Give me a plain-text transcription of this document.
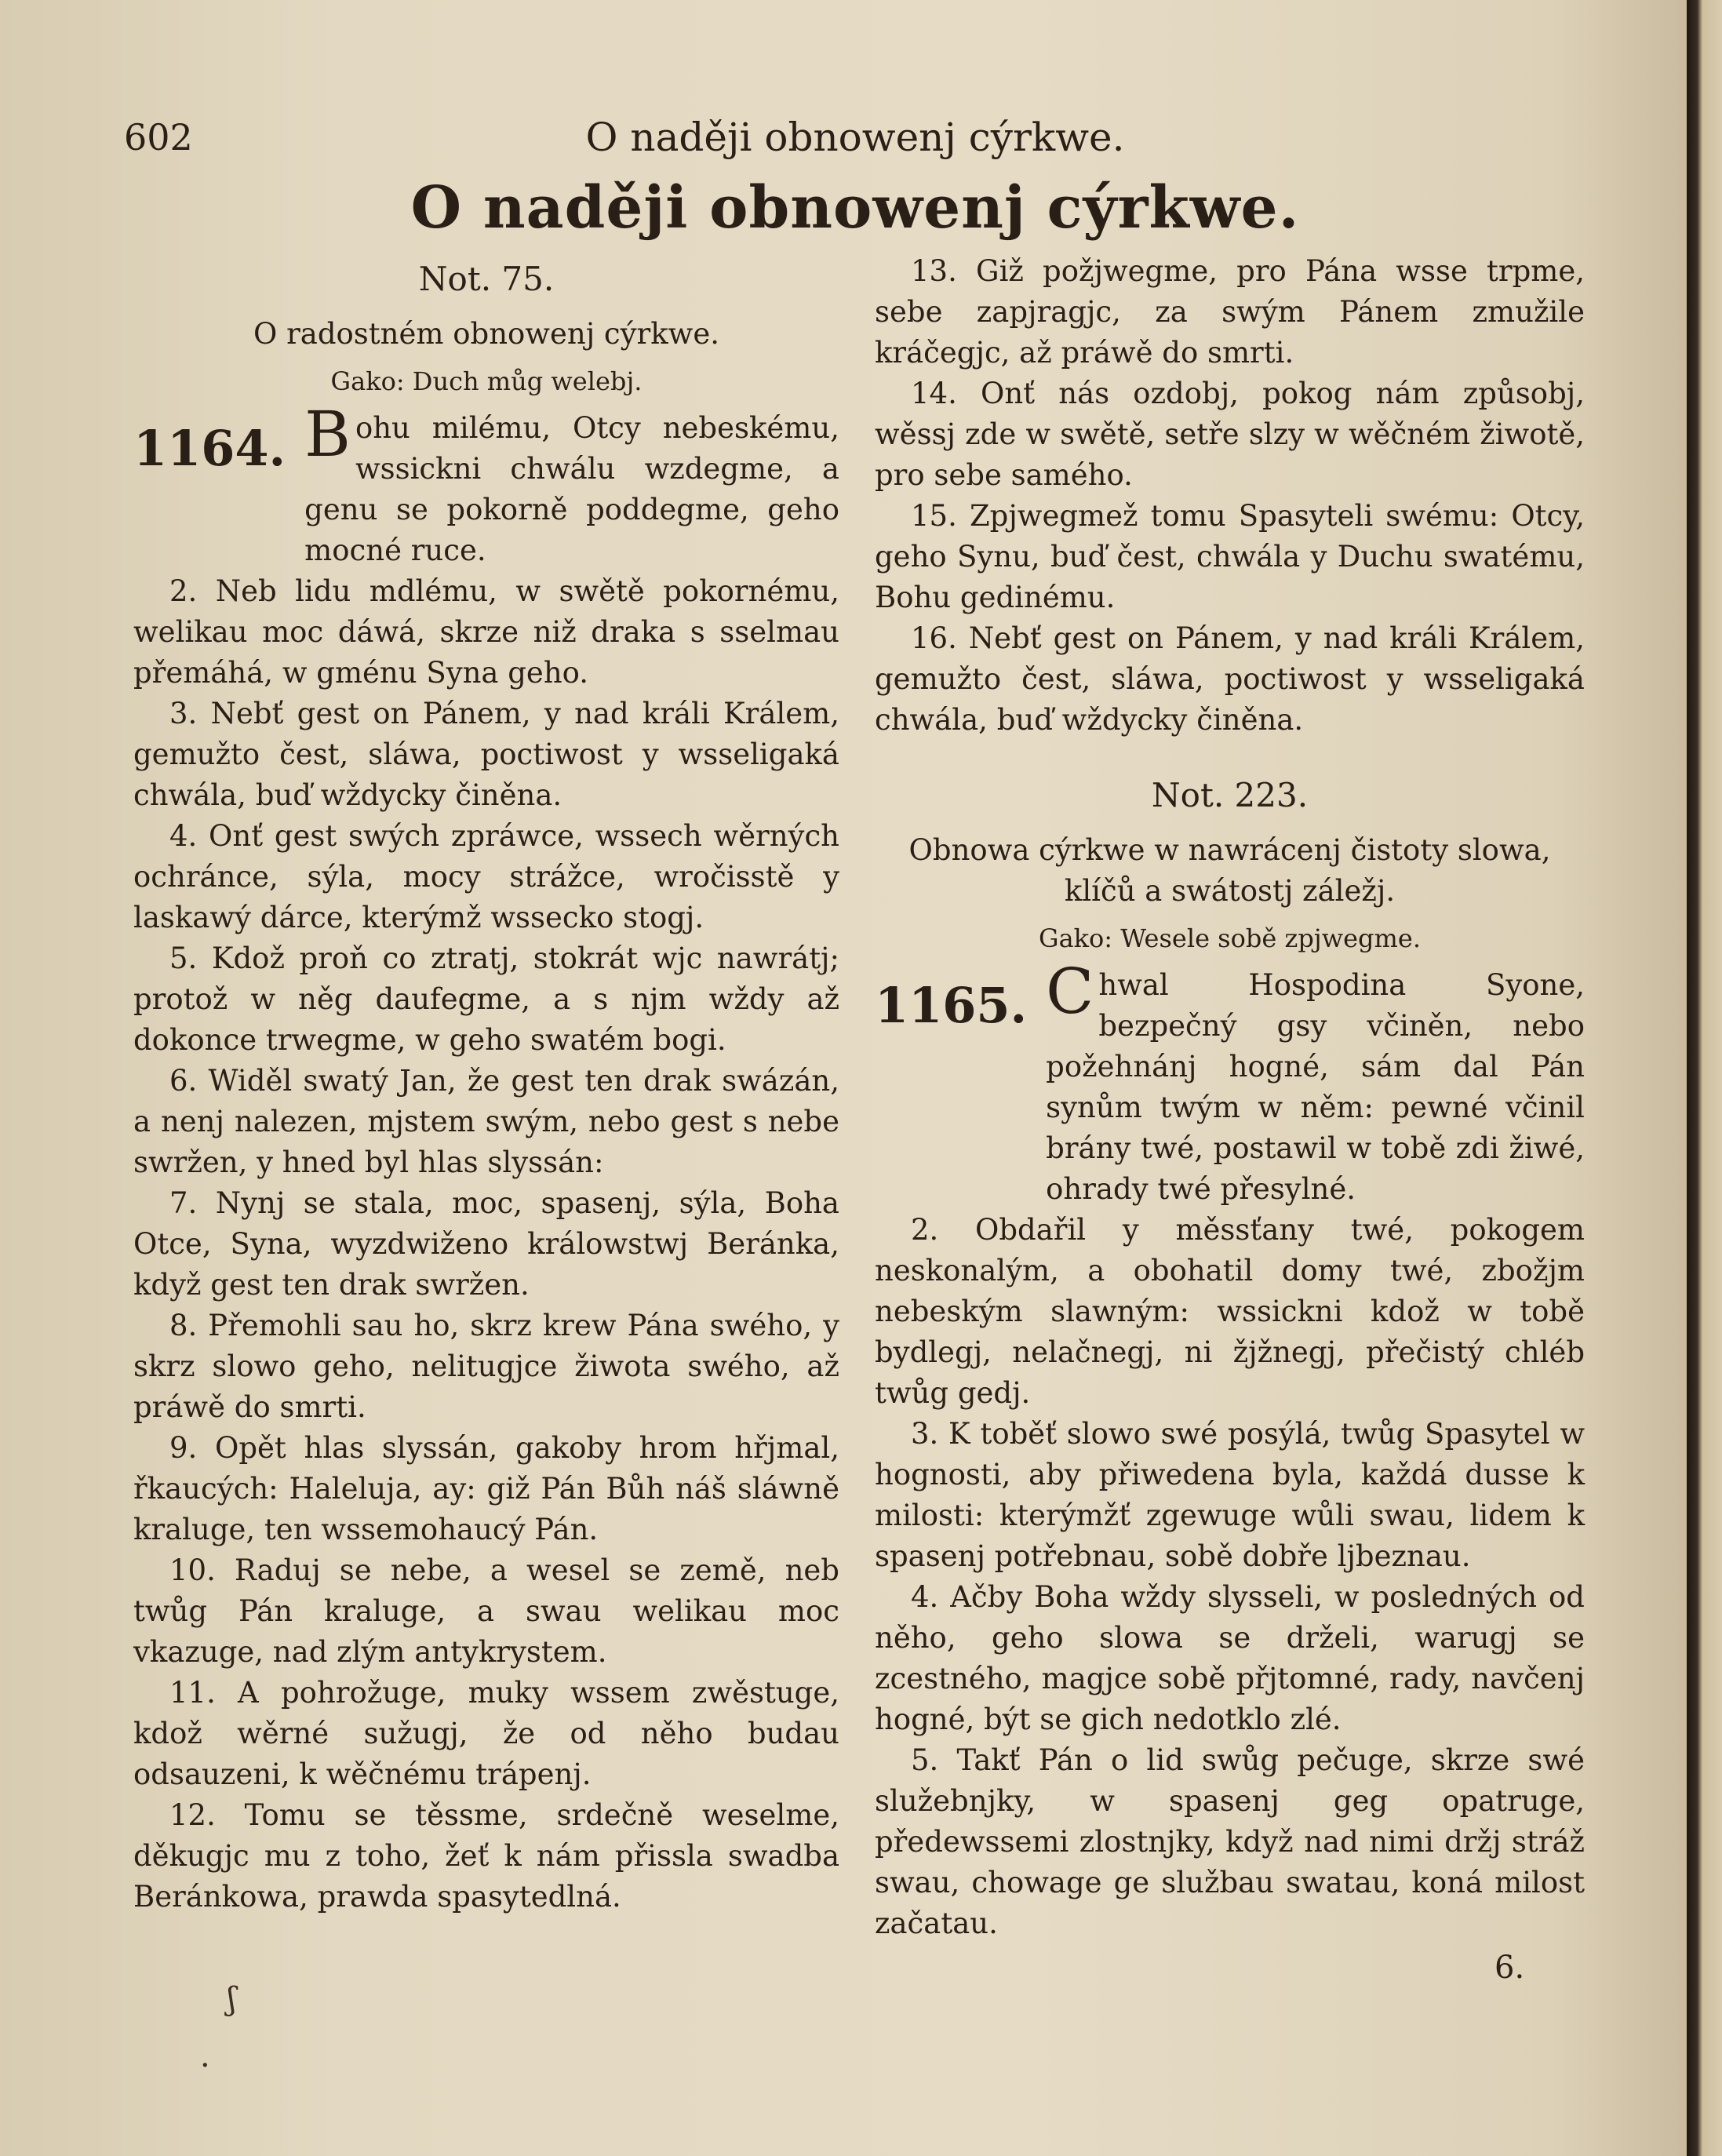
602	O naději obnowenj cýrkwe.
O naději obnowenj cýrkwe.
Not. 75.
O radostném obnowenj cýrkwe.
Gako: Duch můg welebj.
1164. B ohu milému, Otcy nebeskému, wssickni chwálu wzdegme, a genu se pokorně poddegme, geho mocné ruce.

2. Neb lidu mdlému, w swětě pokornému, welikau moc dáwá, skrze niž draka s sselmau přemáhá, w gménu Syna geho.

3. Nebť gest on Pánem, y nad králi Králem, gemužto čest, sláwa, poctiwost y wsseligaká chwála, buď wždycky činěna.

4. Onť gest swých zpráwce, wssech wěrných ochránce, sýla, mocy strážce, wročisstě y laskawý dárce, kterýmž wssecko stogj.

5. Kdož proň co ztratj, stokrát wjc nawrátj; protož w něg daufegme, a s njm wždy až dokonce trwegme, w geho swatém bogi.

6. Widěl swatý Jan, že gest ten drak swázán, a nenj nalezen, mjstem swým, nebo gest s nebe swržen, y hned byl hlas slyssán:

7. Nynj se stala, moc, spasenj, sýla, Boha Otce, Syna, wyzdwiženo králowstwj Beránka, když gest ten drak swržen.

8. Přemohli sau ho, skrz krew Pána swého, y skrz slowo geho, nelitugjce žiwota swého, až práwě do smrti.

9. Opět hlas slyssán, gakoby hrom hřjmal, řkaucých: Haleluja, ay: giž Pán Bůh náš sláwně kraluge, ten wssemohaucý Pán.

10. Raduj se nebe, a wesel se země, neb twůg Pán kraluge, a swau welikau moc vkazuge, nad zlým antykrystem.

11. A pohrožuge, muky wssem zwěstuge, kdož wěrné sužugj, že od něho budau odsauzeni, k wěčnému trápenj.

12. Tomu se těssme, srdečně weselme, děkugjc mu z toho, žeť k nám přissla swadba Beránkowa, prawda spasytedlná.

13. Giž požjwegme, pro Pána wsse trpme, sebe zapjragjc, za swým Pánem zmužile kráčegjc, až práwě do smrti.

14. Onť nás ozdobj, pokog nám způsobj, wěssj zde w swětě, setře slzy w wěčném žiwotě, pro sebe samého.

15. Zpjwegmež tomu Spasyteli swému: Otcy, geho Synu, buď čest, chwála y Duchu swatému, Bohu gedinému.

16. Nebť gest on Pánem, y nad králi Králem, gemužto čest, sláwa, poctiwost y wsseligaká chwála, buď wždycky činěna.

Not. 223.
Obnowa cýrkwe w nawrácenj čistoty slowa, klíčů a swátostj záležj.
Gako: Wesele sobě zpjwegme.
1165. C hwal Hospodina Syone, bezpečný gsy včiněn, nebo požehnánj hogné, sám dal Pán synům twým w něm: pewné včinil brány twé, postawil w tobě zdi žiwé, ohrady twé přesylné.

2. Obdařil y měssťany twé, pokogem neskonalým, a obohatil domy twé, zbožjm nebeským slawným: wssickni kdož w tobě bydlegj, nelačnegj, ni žjžnegj, přečistý chléb twůg gedj.

3. K toběť slowo swé posýlá, twůg Spasytel w hognosti, aby přiwedena byla, každá dusse k milosti: kterýmžť zgewuge wůli swau, lidem k spasenj potřebnau, sobě dobře ljbeznau.

4. Ačby Boha wždy slysseli, w posledných od něho, geho slowa se drželi, warugj se zcestného, magjce sobě přjtomné, rady, navčenj hogné, být se gich nedotklo zlé.

5. Takť Pán o lid swůg pečuge, skrze swé služebnjky, w spasenj geg opatruge, předewssemi zlostnjky, když nad nimi držj stráž swau, chowage ge službau swatau, koná milost začatau.

6.
ʃ
·
